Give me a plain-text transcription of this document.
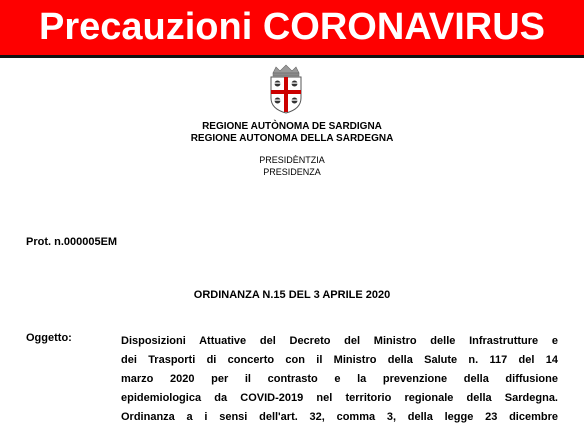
Precauzioni CORONAVIRUS
REGIONE AUTÒNOMA DE SARDIGNA
REGIONE AUTONOMA DELLA SARDEGNA
PRESIDÈNTZIA
PRESIDENZA
Prot. n.000005EM
ORDINANZA N.15 DEL 3 APRILE 2020
Oggetto:	Disposizioni Attuative del Decreto del Ministro delle Infrastrutture e
dei Trasporti di concerto con il Ministro della Salute n. 117 del 14
marzo 2020 per il contrasto e la prevenzione della diffusione
epidemiologica da COVID-2019 nel territorio regionale della Sardegna.
Ordinanza a i sensi dell'art. 32, comma 3, della legge 23 dicembre
